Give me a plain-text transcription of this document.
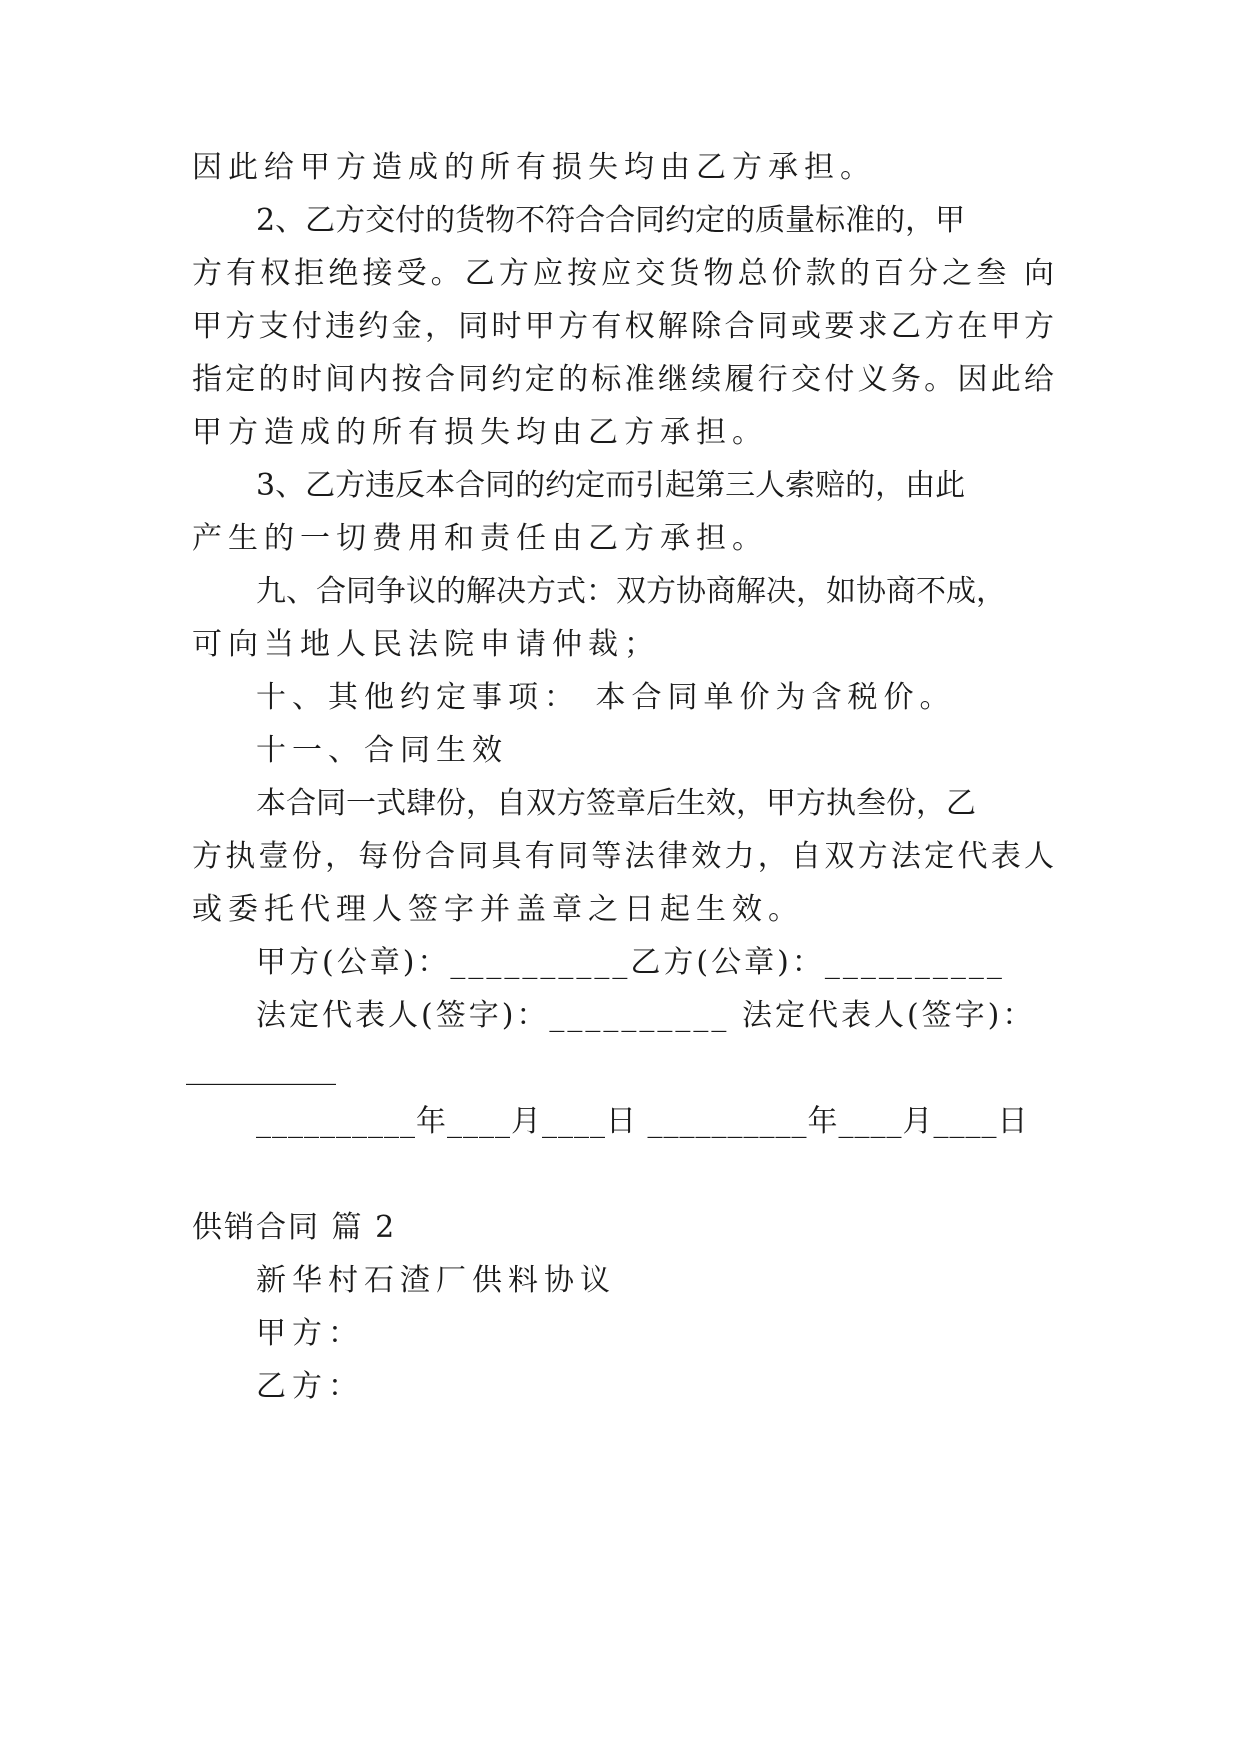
因此给甲方造成的所有损失均由乙方承担。
2、乙方交付的货物不符合合同约定的质量标准的，甲
方有权拒绝接受。乙方应按应交货物总价款的百分之叁 向
甲方支付违约金，同时甲方有权解除合同或要求乙方在甲方
指定的时间内按合同约定的标准继续履行交付义务。因此给
甲方造成的所有损失均由乙方承担。
3、乙方违反本合同的约定而引起第三人索赔的，由此
产生的一切费用和责任由乙方承担。
九、合同争议的解决方式：双方协商解决，如协商不成，
可向当地人民法院申请仲裁；
十、其他约定事项： 本合同单价为含税价。
十一、合同生效
本合同一式肆份，自双方签章后生效，甲方执叁份，乙
方执壹份，每份合同具有同等法律效力，自双方法定代表人
或委托代理人签字并盖章之日起生效。
甲方(公章)：__________乙方(公章)：__________
法定代表人(签字)：__________ 法定代表人(签字)：
__________
__________年____月____日 __________年____月____日
供销合同 篇 2
新华村石渣厂供料协议
甲方：
乙方：
